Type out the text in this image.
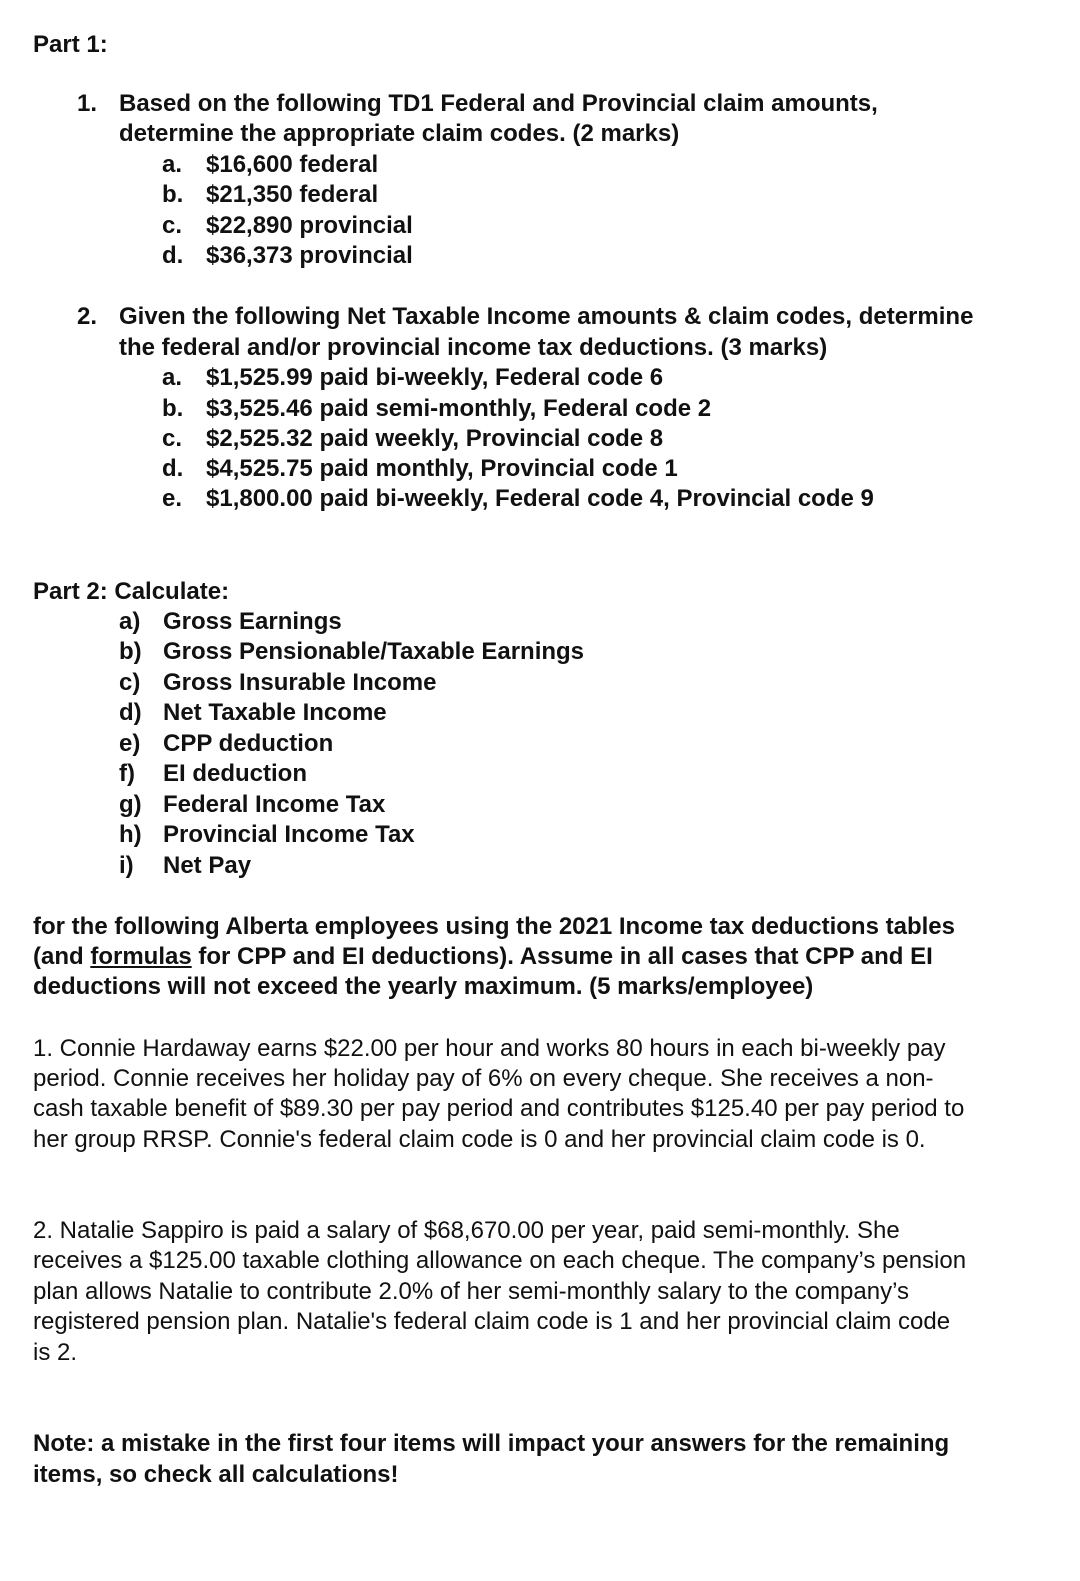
Part 1:
1. Based on the following TD1 Federal and Provincial claim amounts,
determine the appropriate claim codes. (2 marks)
a. $16,600 federal
b. $21,350 federal
c. $22,890 provincial
d. $36,373 provincial
2. Given the following Net Taxable Income amounts & claim codes, determine
the federal and/or provincial income tax deductions. (3 marks)
a. $1,525.99 paid bi-weekly, Federal code 6
b. $3,525.46 paid semi-monthly, Federal code 2
c. $2,525.32 paid weekly, Provincial code 8
d. $4,525.75 paid monthly, Provincial code 1
e. $1,800.00 paid bi-weekly, Federal code 4, Provincial code 9
Part 2: Calculate:
a) Gross Earnings
b) Gross Pensionable/Taxable Earnings
c) Gross Insurable Income
d) Net Taxable Income
e) CPP deduction
f) EI deduction
g) Federal Income Tax
h) Provincial Income Tax
i) Net Pay
for the following Alberta employees using the 2021 Income tax deductions tables
(and formulas for CPP and EI deductions). Assume in all cases that CPP and EI
deductions will not exceed the yearly maximum. (5 marks/employee)
1. Connie Hardaway earns $22.00 per hour and works 80 hours in each bi-weekly pay
period. Connie receives her holiday pay of 6% on every cheque. She receives a non-
cash taxable benefit of $89.30 per pay period and contributes $125.40 per pay period to
her group RRSP. Connie's federal claim code is 0 and her provincial claim code is 0.
2. Natalie Sappiro is paid a salary of $68,670.00 per year, paid semi-monthly. She
receives a $125.00 taxable clothing allowance on each cheque. The company’s pension
plan allows Natalie to contribute 2.0% of her semi-monthly salary to the company’s
registered pension plan. Natalie's federal claim code is 1 and her provincial claim code
is 2.
Note: a mistake in the first four items will impact your answers for the remaining
items, so check all calculations!
